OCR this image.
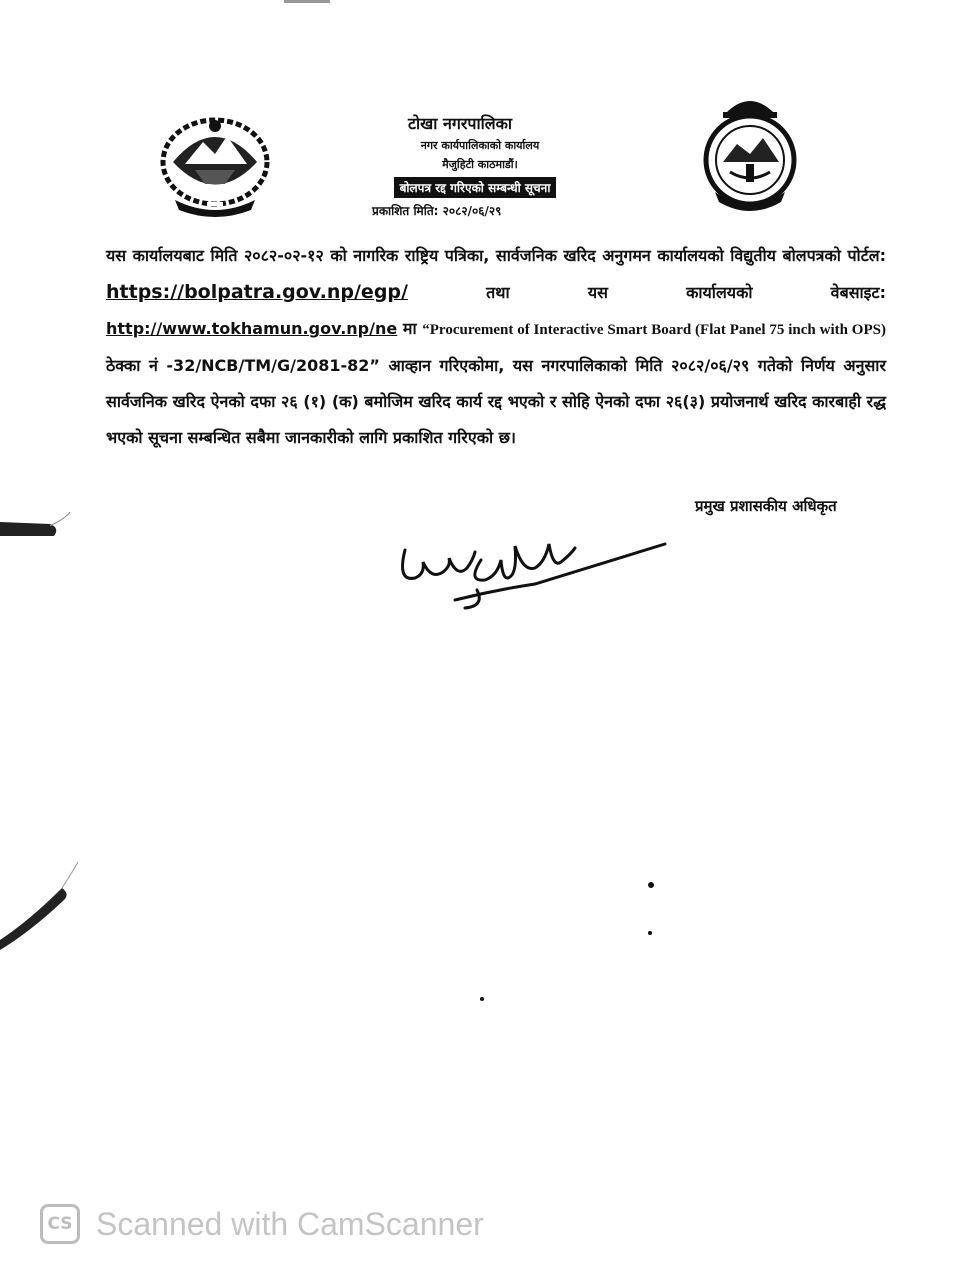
टोखा नगरपालिका
नगर कार्यपालिकाको कार्यालय
मैजुहिटी काठमाडौं।
बोलपत्र रद्द गरिएको सम्बन्धी सूचना
प्रकाशित मिति: २०८२/०६/२९
यस कार्यालयबाट मिति २०८२-०२-१२ को नागरिक राष्ट्रिय पत्रिका, सार्वजनिक खरिद अनुगमन कार्यालयको विद्युतीय बोलपत्रको पोर्टल: https://bolpatra.gov.np/egp/	तथा यस कार्यालयको वेबसाइट: http://www.tokhamun.gov.np/ne मा “Procurement of Interactive Smart Board (Flat Panel 75 inch with OPS) ठेक्का नं -32/NCB/TM/G/2081-82” आव्हान गरिएकोमा, यस नगरपालिकाको मिति २०८२/०६/२९ गतेको निर्णय अनुसार सार्वजनिक खरिद ऐनको दफा २६ (१) (क) बमोजिम खरिद कार्य रद्द भएको र सोहि ऐनको दफा २६(३) प्रयोजनार्थ खरिद कारबाही रद्ध भएको सूचना सम्बन्धित सबैमा जानकारीको लागि प्रकाशित गरिएको छ।
प्रमुख प्रशासकीय अधिकृत
CS Scanned with CamScanner
